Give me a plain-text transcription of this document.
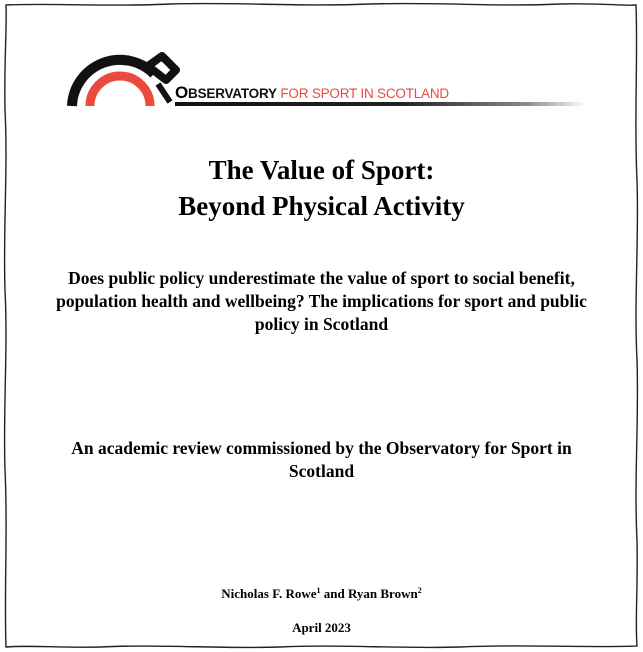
OBSERVATORY FOR SPORT IN SCOTLAND
The Value of Sport:
Beyond Physical Activity
Does public policy underestimate the value of sport to social benefit, population health and wellbeing? The implications for sport and public policy in Scotland
An academic review commissioned by the Observatory for Sport in Scotland
Nicholas F. Rowe$^1$ and Ryan Brown$^2$
April 2023
